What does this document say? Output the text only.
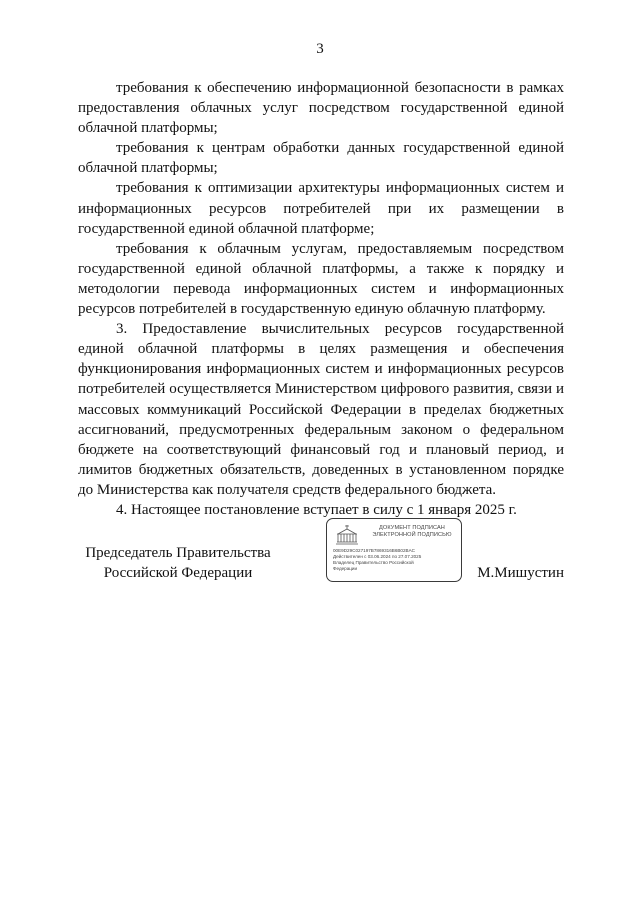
3

требования к обеспечению информационной безопасности в рамках предоставления облачных услуг посредством государственной единой облачной платформы;

требования к центрам обработки данных государственной единой облачной платформы;

требования к оптимизации архитектуры информационных систем и информационных ресурсов потребителей при их размещении в государственной единой облачной платформе;

требования к облачным услугам, предоставляемым посредством государственной единой облачной платформы, а также к порядку и методологии перевода информационных систем и информационных ресурсов потребителей в государственную единую облачную платформу.

3. Предоставление вычислительных ресурсов государственной единой облачной платформы в целях размещения и обеспечения функционирования информационных систем и информационных ресурсов потребителей осуществляется Министерством цифрового развития, связи и массовых коммуникаций Российской Федерации в пределах бюджетных ассигнований, предусмотренных федеральным законом о федеральном бюджете на соответствующий финансовый год и плановый период, и лимитов бюджетных обязательств, доведенных в установленном порядке до Министерства как получателя средств федерального бюджета.

4. Настоящее постановление вступает в силу с 1 января 2025 г.

Председатель Правительства
Российской Федерации
ДОКУМЕНТ ПОДПИСАН
ЭЛЕКТРОННОЙ ПОДПИСЬЮ
00E9D29C027197B7869316B6B02BAC
Действителен с 03.06.2024 по 27.07.2025
Владелец Правительство Российской
Федерации	М.Мишустин
